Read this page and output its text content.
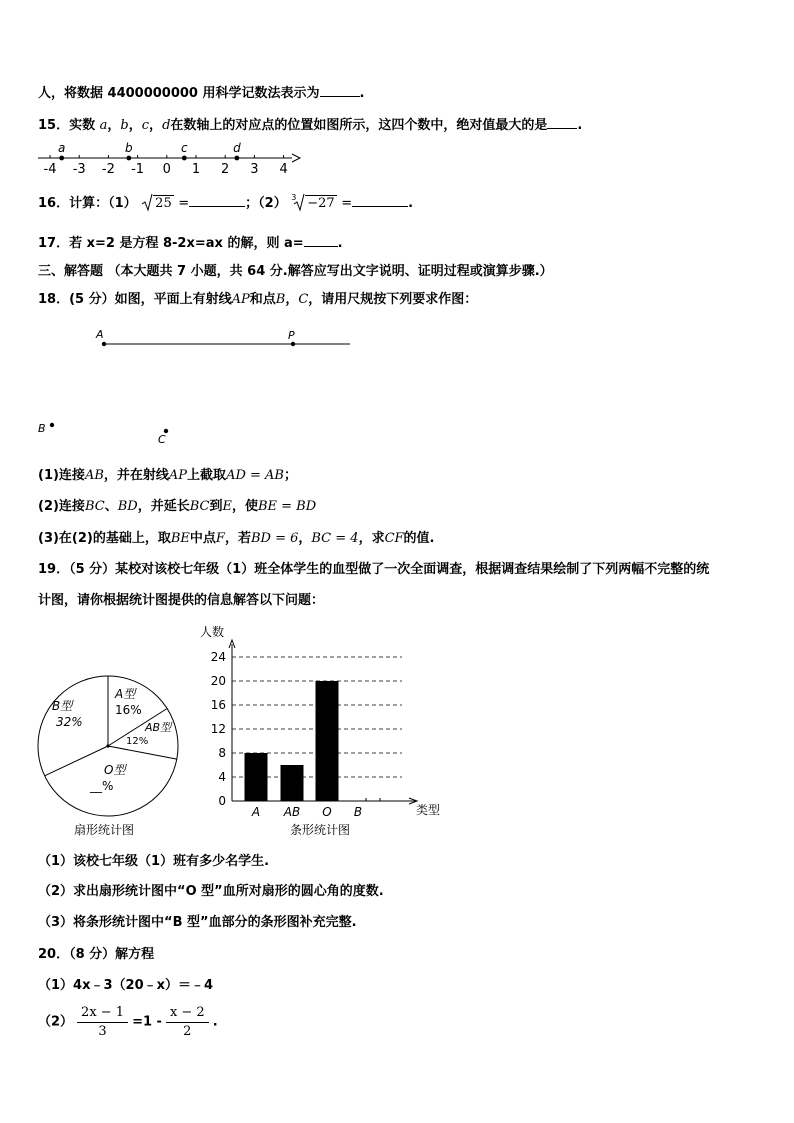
人，将数据 4400000000 用科学记数法表示为	.
15．实数 a，b，c，d在数轴上的对应点的位置如图所示，这四个数中，绝对值最大的是 .
-4 -3 -2 -1 0 1 2 3 4
a	b	c	d
16．计算：（1） 25 =	；（2） 3 −27 =	.
17．若 x=2 是方程 8-2x=ax 的解，则 a=	.
三、解答题 （本大题共 7 小题，共 64 分.解答应写出文字说明、证明过程或演算步骤.）
18．(5 分）如图，平面上有射线AP和点B，C，请用尺规按下列要求作图：
A	P
B
C
(1)连接AB，并在射线AP上截取AD = AB；
(2)连接BC、BD，并延长BC到E，使BE = BD
(3)在(2)的基础上，取BE中点F，若BD = 6，BC = 4，求CF的值.
19．（5 分）某校对该校七年级（1）班全体学生的血型做了一次全面调查，根据调查结果绘制了下列两幅不完整的统
计图，请你根据统计图提供的信息解答以下问题：
B型
32%
A型
16%
AB型
12%
O型
__%
扇形统计图
人数
0
4
8
12
16
20
24
A AB O B	类型
条形统计图
（1）该校七年级（1）班有多少名学生.
（2）求出扇形统计图中“O 型”血所对扇形的圆心角的度数.
（3）将条形统计图中“B 型”血部分的条形图补充完整.
20．（8 分）解方程
（1）4x﹣3（20﹣x）＝﹣4
$(2) \frac{2x - 1}{3} =1 - \frac{x - 2}{2}$ .
